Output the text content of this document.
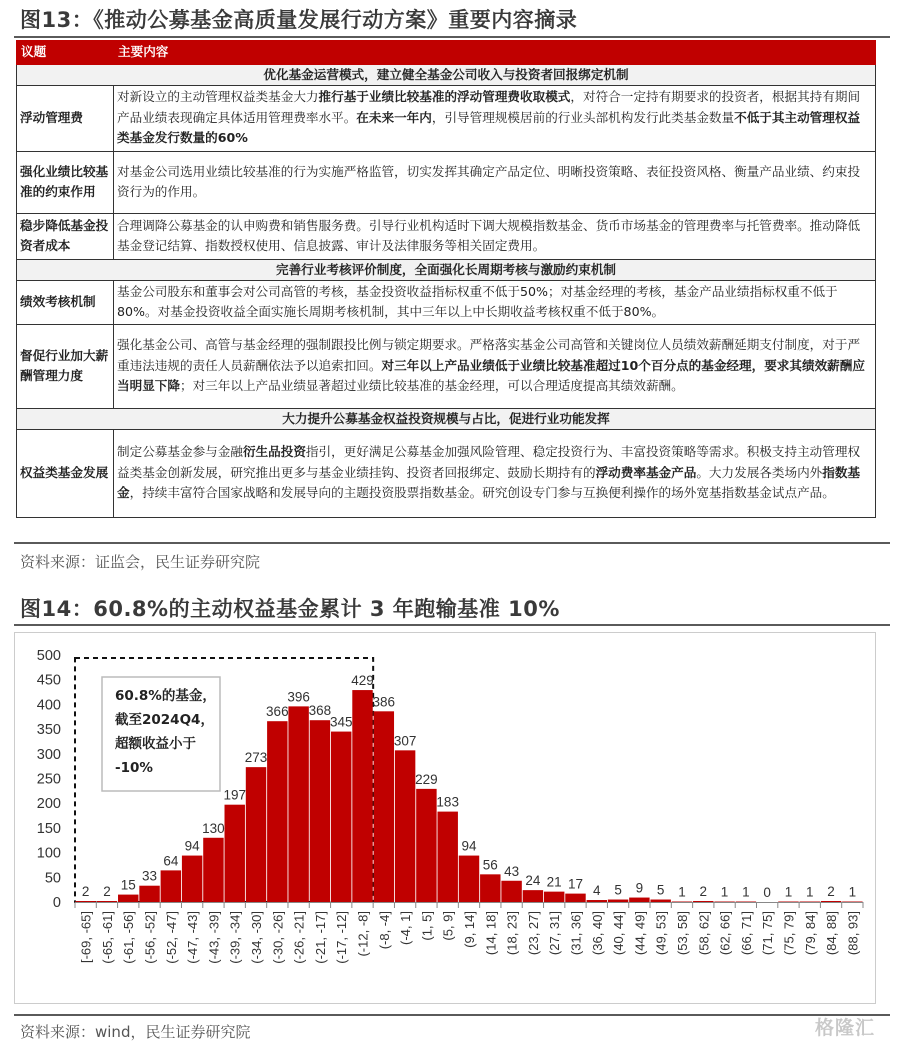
图13：《推动公募基金高质量发展行动方案》重要内容摘录
议题	主要内容
优化基金运营模式，建立健全基金公司收入与投资者回报绑定机制	
浮动管理费	对新设立的主动管理权益类基金大力推行基于业绩比较基准的浮动管理费收取模式，对符合一定持有期要求的投资者，根据其持有期间产品业绩表现确定具体适用管理费率水平。在未来一年内，引导管理规模居前的行业头部机构发行此类基金数量不低于其主动管理权益类基金发行数量的60%
强化业绩比较基准的约束作用	对基金公司选用业绩比较基准的行为实施严格监管，切实发挥其确定产品定位、明晰投资策略、表征投资风格、衡量产品业绩、约束投资行为的作用。
稳步降低基金投资者成本	合理调降公募基金的认申购费和销售服务费。引导行业机构适时下调大规模指数基金、货币市场基金的管理费率与托管费率。推动降低基金登记结算、指数授权使用、信息披露、审计及法律服务等相关固定费用。
完善行业考核评价制度，全面强化长周期考核与激励约束机制	
绩效考核机制	基金公司股东和董事会对公司高管的考核，基金投资收益指标权重不低于50%；对基金经理的考核，基金产品业绩指标权重不低于80%。对基金投资收益全面实施长周期考核机制，其中三年以上中长期收益考核权重不低于80%。
督促行业加大薪酬管理力度	强化基金公司、高管与基金经理的强制跟投比例与锁定期要求。严格落实基金公司高管和关键岗位人员绩效薪酬延期支付制度，对于严重违法违规的责任人员薪酬依法予以追索扣回。对三年以上产品业绩低于业绩比较基准超过10个百分点的基金经理，要求其绩效薪酬应当明显下降；对三年以上产品业绩显著超过业绩比较基准的基金经理，可以合理适度提高其绩效薪酬。
大力提升公募基金权益投资规模与占比，促进行业功能发挥	
权益类基金发展	制定公募基金参与金融衍生品投资指引，更好满足公募基金加强风险管理、稳定投资行为、丰富投资策略等需求。积极支持主动管理权益类基金创新发展，研究推出更多与基金业绩挂钩、投资者回报绑定、鼓励长期持有的浮动费率基金产品。大力发展各类场内外指数基金，持续丰富符合国家战略和发展导向的主题投资股票指数基金。研究创设专门参与互换便利操作的场外宽基指数基金试点产品。
资料来源：证监会，民生证券研究院
图14：60.8%的主动权益基金累计 3 年跑输基准 10%
0
50
100
150
200
250
300
350
400
450
500
2 2 15
33
64
94
130
197
273
366
396
368
345
429
386
307
229
183
94
56 43
24 21 17 4 5 9 5 1 2 1 1 0 1 1 2 1
[-69, -65] (-65, -61] (-61, -56] (-56, -52] (-52, -47] (-47, -43] (-43, -39] (-39, -34] (-34, -30] (-30, -26] (-26, -21] (-21, -17] (-17, -12] (-12, -8] (-8, -4] (-4, 1] (1, 5] (5, 9] (9, 14] (14, 18] (18, 23] (23, 27] (27, 31] (31, 36] (36, 40] (40, 44] (44, 49] (49, 53] (53, 58] (58, 62] (62, 66] (66, 71] (71, 75] (75, 79] (79, 84] (84, 88] (88, 93]
60.8%的基金，
截至2024Q4，
超额收益小于
-10%
资料来源：wind，民生证券研究院	格隆汇
